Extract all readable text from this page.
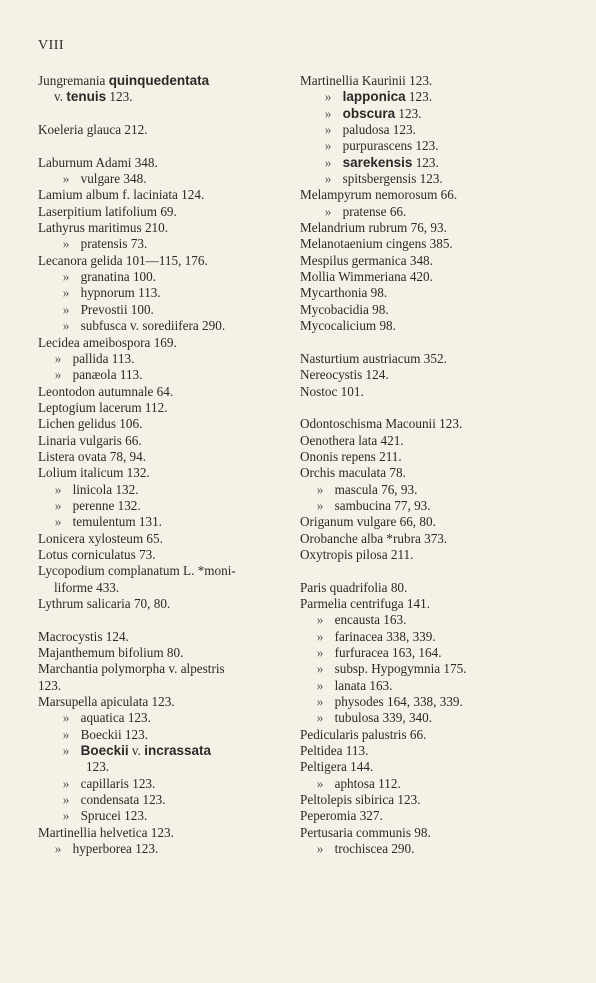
VIII
Jungremania quinquedentata
v. tenuis 123.
Koeleria glauca 212.
Laburnum Adami 348.
» vulgare 348.
Lamium album f. laciniata 124.
Laserpitium latifolium 69.
Lathyrus maritimus 210.
» pratensis 73.
Lecanora gelida 101—115, 176.
» granatina 100.
» hypnorum 113.
» Prevostii 100.
» subfusca v. sorediifera 290.
Lecidea ameibospora 169.
» pallida 113.
» panæola 113.
Leontodon autumnale 64.
Leptogium lacerum 112.
Lichen gelidus 106.
Linaria vulgaris 66.
Listera ovata 78, 94.
Lolium italicum 132.
» linicola 132.
» perenne 132.
» temulentum 131.
Lonicera xylosteum 65.
Lotus corniculatus 73.
Lycopodium complanatum L. *moni-
liforme 433.
Lythrum salicaria 70, 80.
Macrocystis 124.
Majanthemum bifolium 80.
Marchantia polymorpha v. alpestris
123.
Marsupella apiculata 123.
» aquatica 123.
» Boeckii 123.
» Boeckii v. incrassata
123.
» capillaris 123.
» condensata 123.
» Sprucei 123.
Martinellia helvetica 123.
» hyperborea 123.
Martinellia Kaurinii 123.
» lapponica 123.
» obscura 123.
» paludosa 123.
» purpurascens 123.
» sarekensis 123.
» spitsbergensis 123.
Melampyrum nemorosum 66.
» pratense 66.
Melandrium rubrum 76, 93.
Melanotaenium cingens 385.
Mespilus germanica 348.
Mollia Wimmeriana 420.
Mycarthonia 98.
Mycobacidia 98.
Mycocalicium 98.
Nasturtium austriacum 352.
Nereocystis 124.
Nostoc 101.
Odontoschisma Macounii 123.
Oenothera lata 421.
Ononis repens 211.
Orchis maculata 78.
» mascula 76, 93.
» sambucina 77, 93.
Origanum vulgare 66, 80.
Orobanche alba *rubra 373.
Oxytropis pilosa 211.
Paris quadrifolia 80.
Parmelia centrifuga 141.
» encausta 163.
» farinacea 338, 339.
» furfuracea 163, 164.
» subsp. Hypogymnia 175.
» lanata 163.
» physodes 164, 338, 339.
» tubulosa 339, 340.
Pedicularis palustris 66.
Peltidea 113.
Peltigera 144.
» aphtosa 112.
Peltolepis sibirica 123.
Peperomia 327.
Pertusaria communis 98.
» trochiscea 290.
